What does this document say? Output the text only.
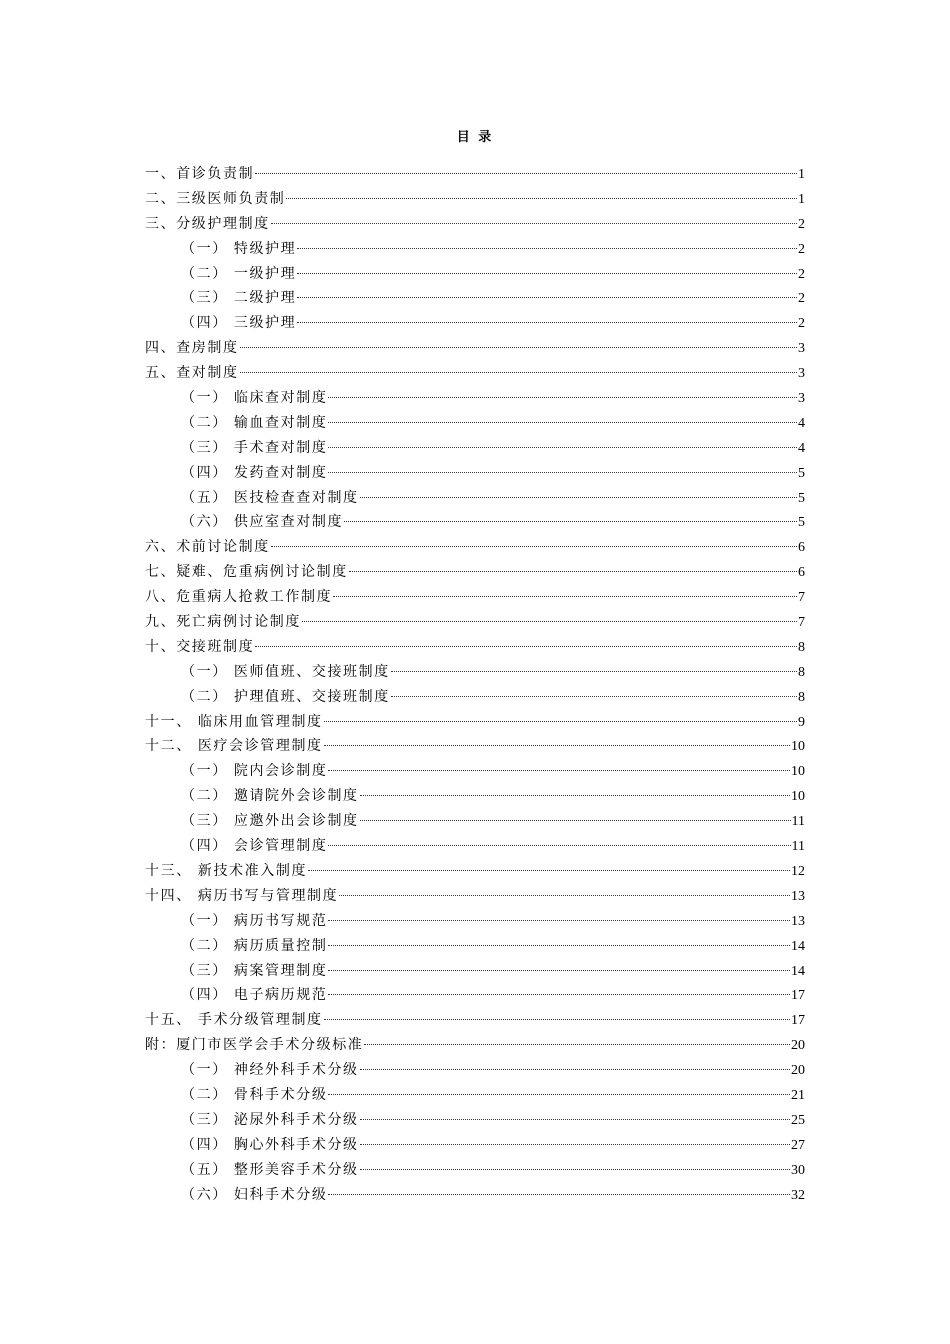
目 录
一、首诊负责制	1
二、三级医师负责制	1
三、分级护理制度	2
（一） 特级护理	2
（二） 一级护理	2
（三） 二级护理	2
（四） 三级护理	2
四、查房制度	3
五、查对制度	3
（一） 临床查对制度	3
（二） 输血查对制度	4
（三） 手术查对制度	4
（四） 发药查对制度	5
（五） 医技检查查对制度	5
（六） 供应室查对制度	5
六、术前讨论制度	6
七、疑难、危重病例讨论制度	6
八、危重病人抢救工作制度	7
九、死亡病例讨论制度	7
十、交接班制度	8
（一） 医师值班、交接班制度	8
（二） 护理值班、交接班制度	8
十一、 临床用血管理制度	9
十二、 医疗会诊管理制度	10
（一） 院内会诊制度	10
（二） 邀请院外会诊制度	10
（三） 应邀外出会诊制度	11
（四） 会诊管理制度	11
十三、 新技术准入制度	12
十四、 病历书写与管理制度	13
（一） 病历书写规范	13
（二） 病历质量控制	14
（三） 病案管理制度	14
（四） 电子病历规范	17
十五、 手术分级管理制度	17
附：厦门市医学会手术分级标准	20
（一） 神经外科手术分级	20
（二） 骨科手术分级	21
（三） 泌尿外科手术分级	25
（四） 胸心外科手术分级	27
（五） 整形美容手术分级	30
（六） 妇科手术分级	32
